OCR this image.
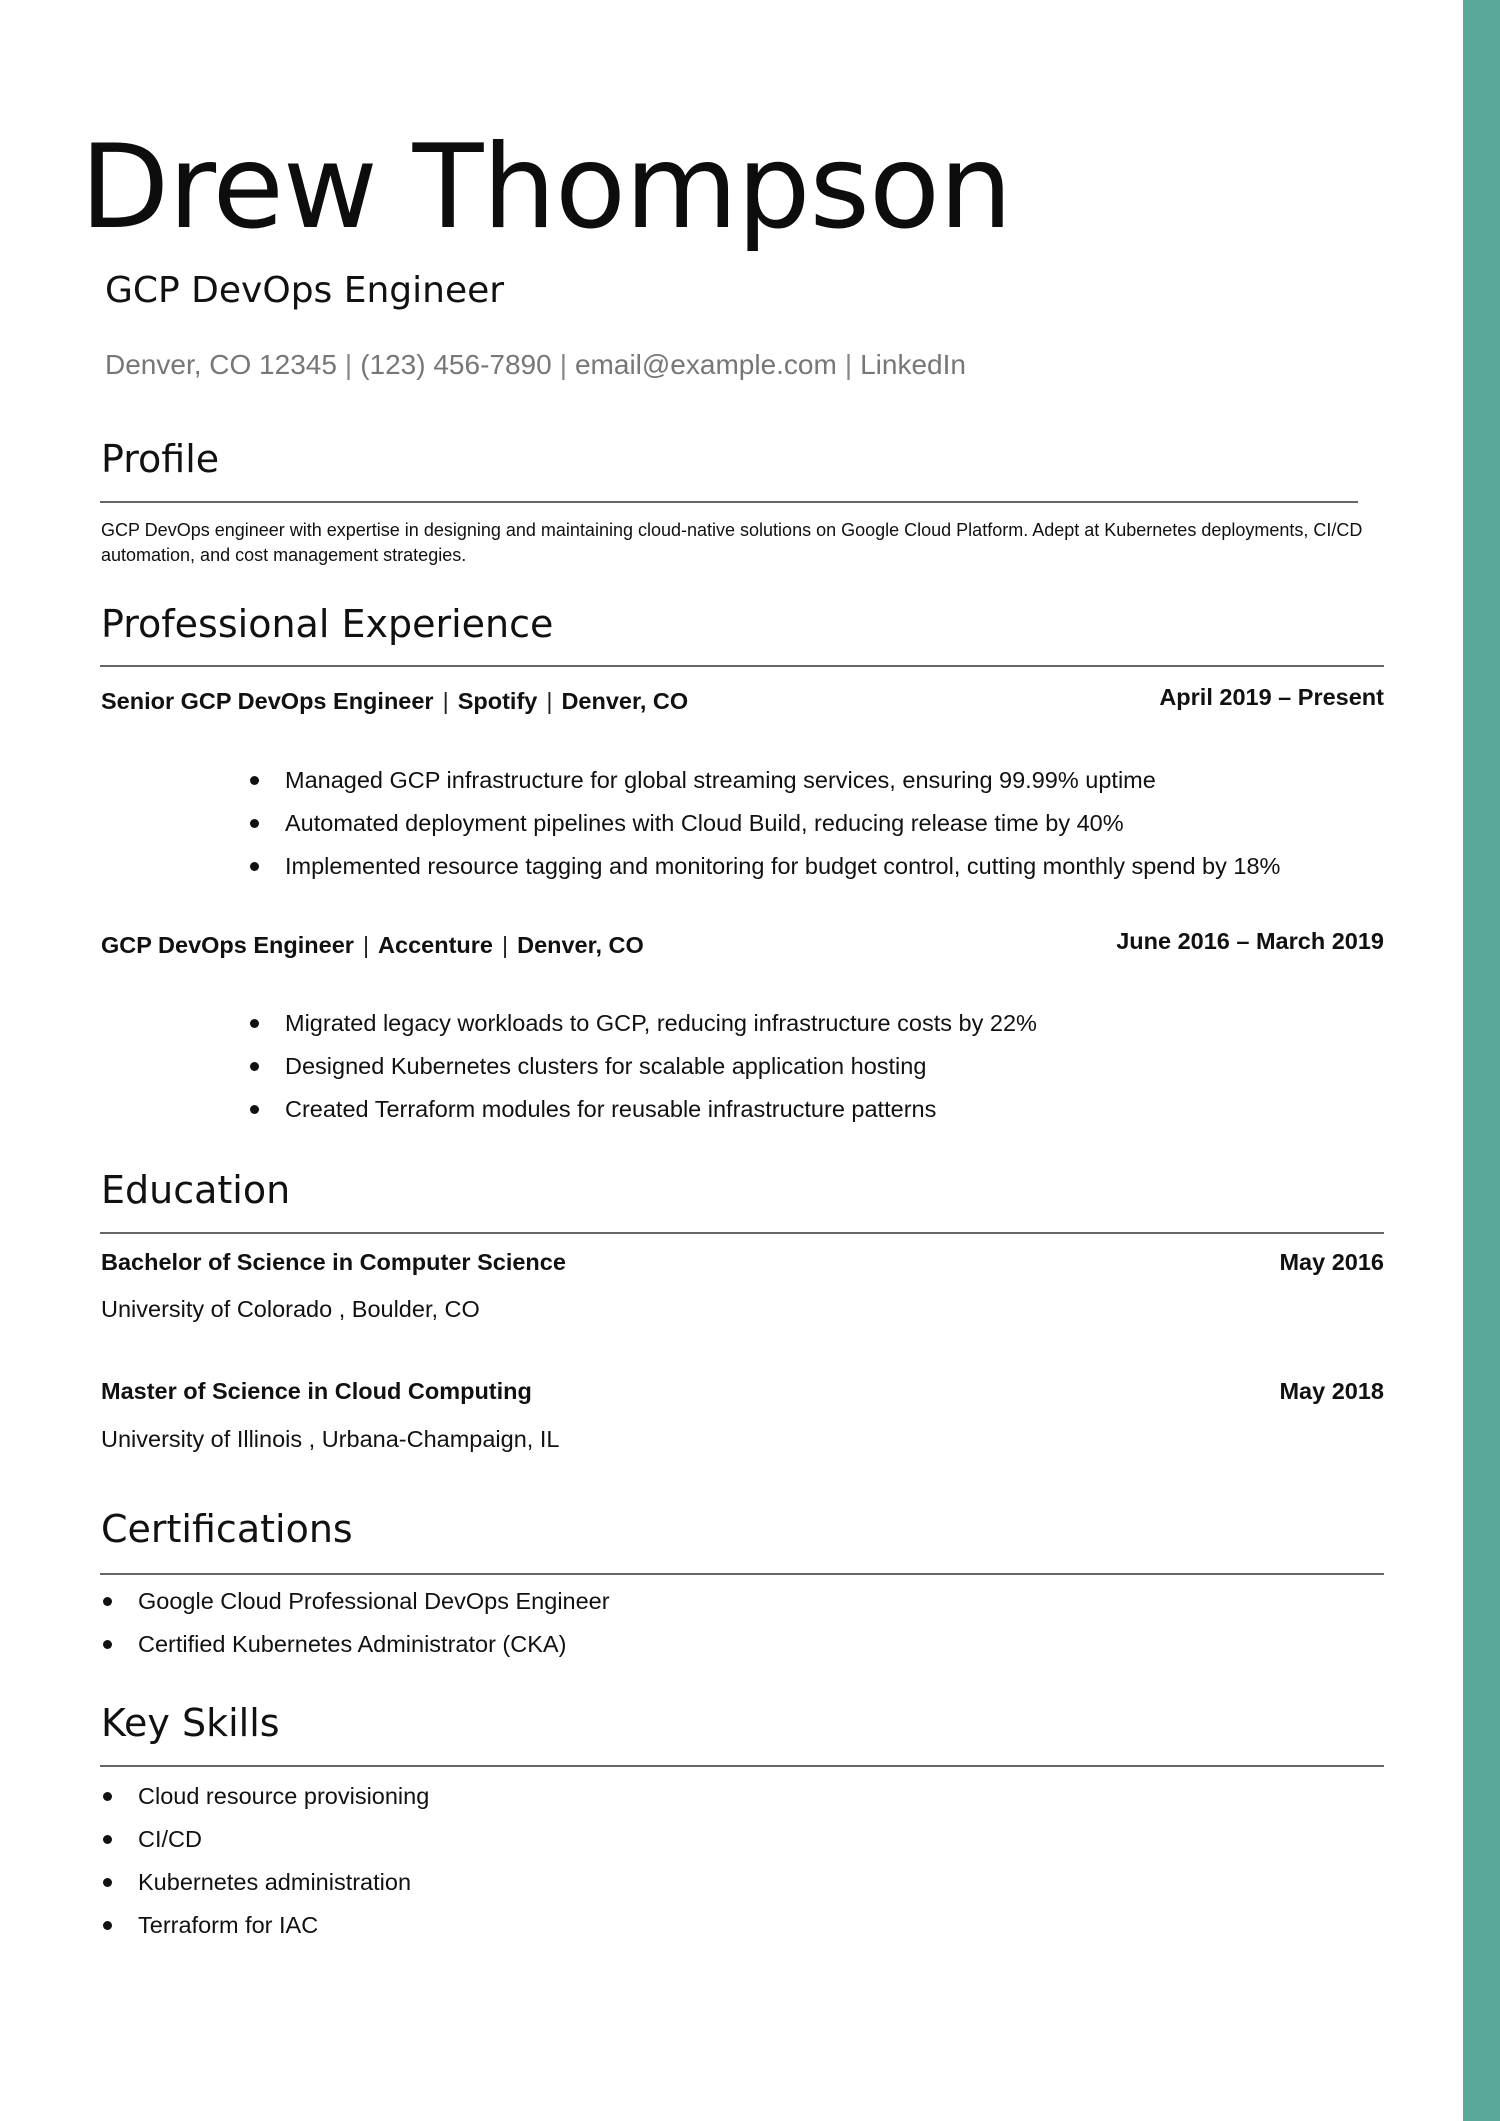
Drew Thompson
GCP DevOps Engineer
Denver, CO 12345 | (123) 456-7890 | email@example.com | LinkedIn
Profile

GCP DevOps engineer with expertise in designing and maintaining cloud-native solutions on Google Cloud Platform. Adept at Kubernetes deployments, CI/CD automation, and cost management strategies.

Professional Experience
Senior GCP DevOps Engineer | Spotify | Denver, CO	April 2019 – Present
Managed GCP infrastructure for global streaming services, ensuring 99.99% uptime
Automated deployment pipelines with Cloud Build, reducing release time by 40%
Implemented resource tagging and monitoring for budget control, cutting monthly spend by 18%
GCP DevOps Engineer | Accenture | Denver, CO	June 2016 – March 2019
Migrated legacy workloads to GCP, reducing infrastructure costs by 22%
Designed Kubernetes clusters for scalable application hosting
Created Terraform modules for reusable infrastructure patterns
Education
Bachelor of Science in Computer Science	May 2016
University of Colorado , Boulder, CO
Master of Science in Cloud Computing	May 2018
University of Illinois , Urbana-Champaign, IL
Certifications
Google Cloud Professional DevOps Engineer
Certified Kubernetes Administrator (CKA)
Key Skills
Cloud resource provisioning
CI/CD
Kubernetes administration
Terraform for IAC
